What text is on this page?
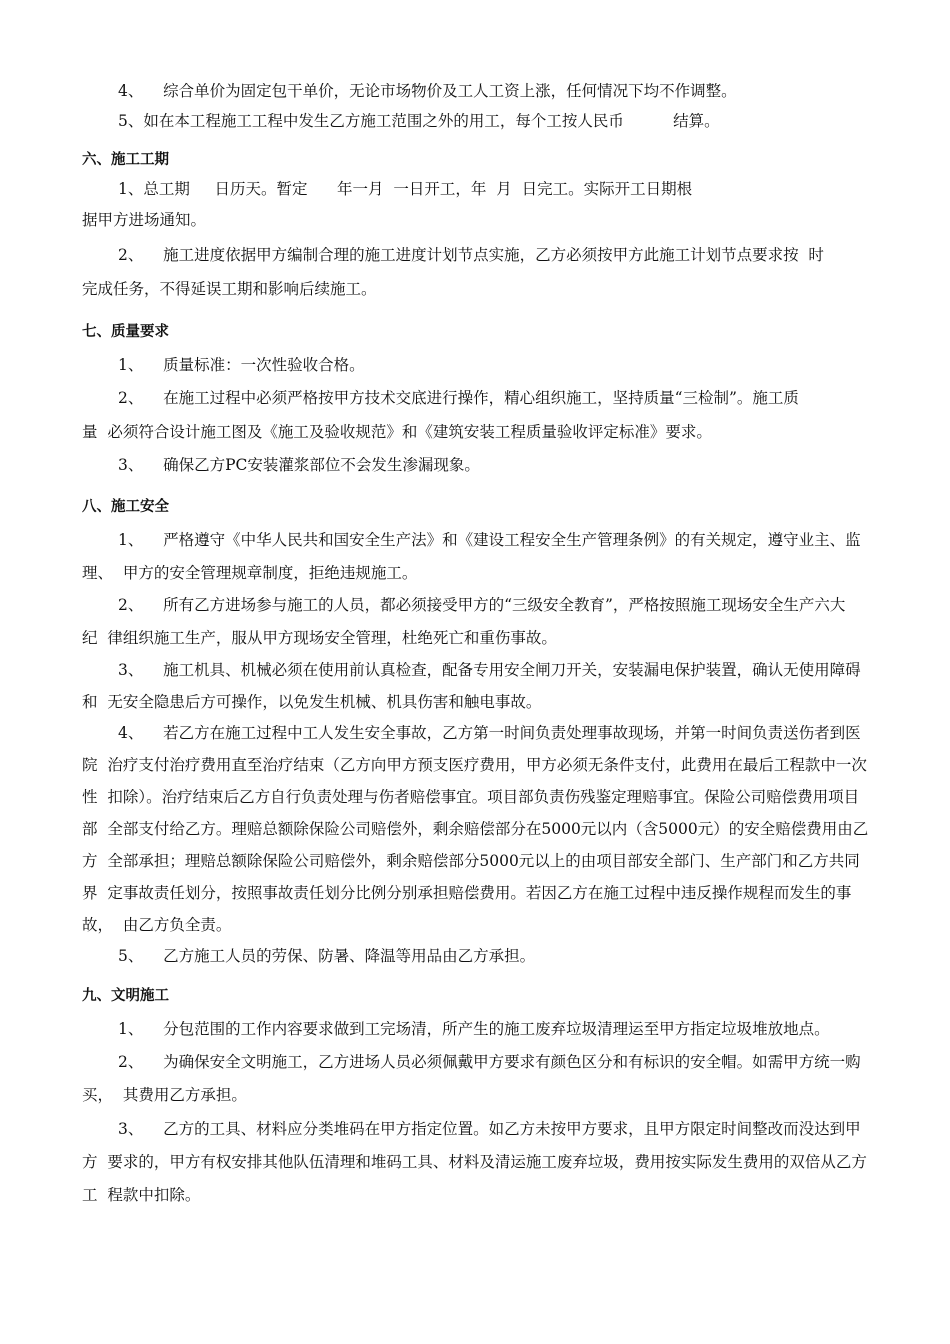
4、    综合单价为固定包干单价，无论市场物价及工人工资上涨，任何情况下均不作调整。
5、如在本工程施工工程中发生乙方施工范围之外的用工，每个工按人民币          结算。
六、施工工期
1、总工期     日历天。暂定      年一月  一日开工，年  月  日完工。实际开工日期根
据甲方进场通知。
2、    施工进度依据甲方编制合理的施工进度计划节点实施，乙方必须按甲方此施工计划节点要求按  时
完成任务，不得延误工期和影响后续施工。
七、质量要求
1、    质量标准：一次性验收合格。
2、    在施工过程中必须严格按甲方技术交底进行操作，精心组织施工，坚持质量“三检制”。施工质
量  必须符合设计施工图及《施工及验收规范》和《建筑安装工程质量验收评定标准》要求。
3、    确保乙方PC安装灌浆部位不会发生渗漏现象。
八、施工安全
1、    严格遵守《中华人民共和国安全生产法》和《建设工程安全生产管理条例》的有关规定，遵守业主、监
理、  甲方的安全管理规章制度，拒绝违规施工。
2、    所有乙方进场参与施工的人员，都必须接受甲方的“三级安全教育”，严格按照施工现场安全生产六大
纪  律组织施工生产，服从甲方现场安全管理，杜绝死亡和重伤事故。
3、    施工机具、机械必须在使用前认真检查，配备专用安全闸刀开关，安装漏电保护装置，确认无使用障碍
和  无安全隐患后方可操作，以免发生机械、机具伤害和触电事故。
4、    若乙方在施工过程中工人发生安全事故，乙方第一时间负责处理事故现场，并第一时间负责送伤者到医
院  治疗支付治疗费用直至治疗结束（乙方向甲方预支医疗费用，甲方必须无条件支付，此费用在最后工程款中一次
性  扣除）。治疗结束后乙方自行负责处理与伤者赔偿事宜。项目部负责伤残鉴定理赔事宜。保险公司赔偿费用项目
部  全部支付给乙方。理赔总额除保险公司赔偿外，剩余赔偿部分在5000元以内（含5000元）的安全赔偿费用由乙
方  全部承担；理赔总额除保险公司赔偿外，剩余赔偿部分5000元以上的由项目部安全部门、生产部门和乙方共同
界  定事故责任划分，按照事故责任划分比例分别承担赔偿费用。若因乙方在施工过程中违反操作规程而发生的事
故，  由乙方负全责。
5、    乙方施工人员的劳保、防暑、降温等用品由乙方承担。
九、文明施工
1、    分包范围的工作内容要求做到工完场清，所产生的施工废弃垃圾清理运至甲方指定垃圾堆放地点。
2、    为确保安全文明施工，乙方进场人员必须佩戴甲方要求有颜色区分和有标识的安全帽。如需甲方统一购
买，  其费用乙方承担。
3、    乙方的工具、材料应分类堆码在甲方指定位置。如乙方未按甲方要求，且甲方限定时间整改而没达到甲
方  要求的，甲方有权安排其他队伍清理和堆码工具、材料及清运施工废弃垃圾，费用按实际发生费用的双倍从乙方
工  程款中扣除。
